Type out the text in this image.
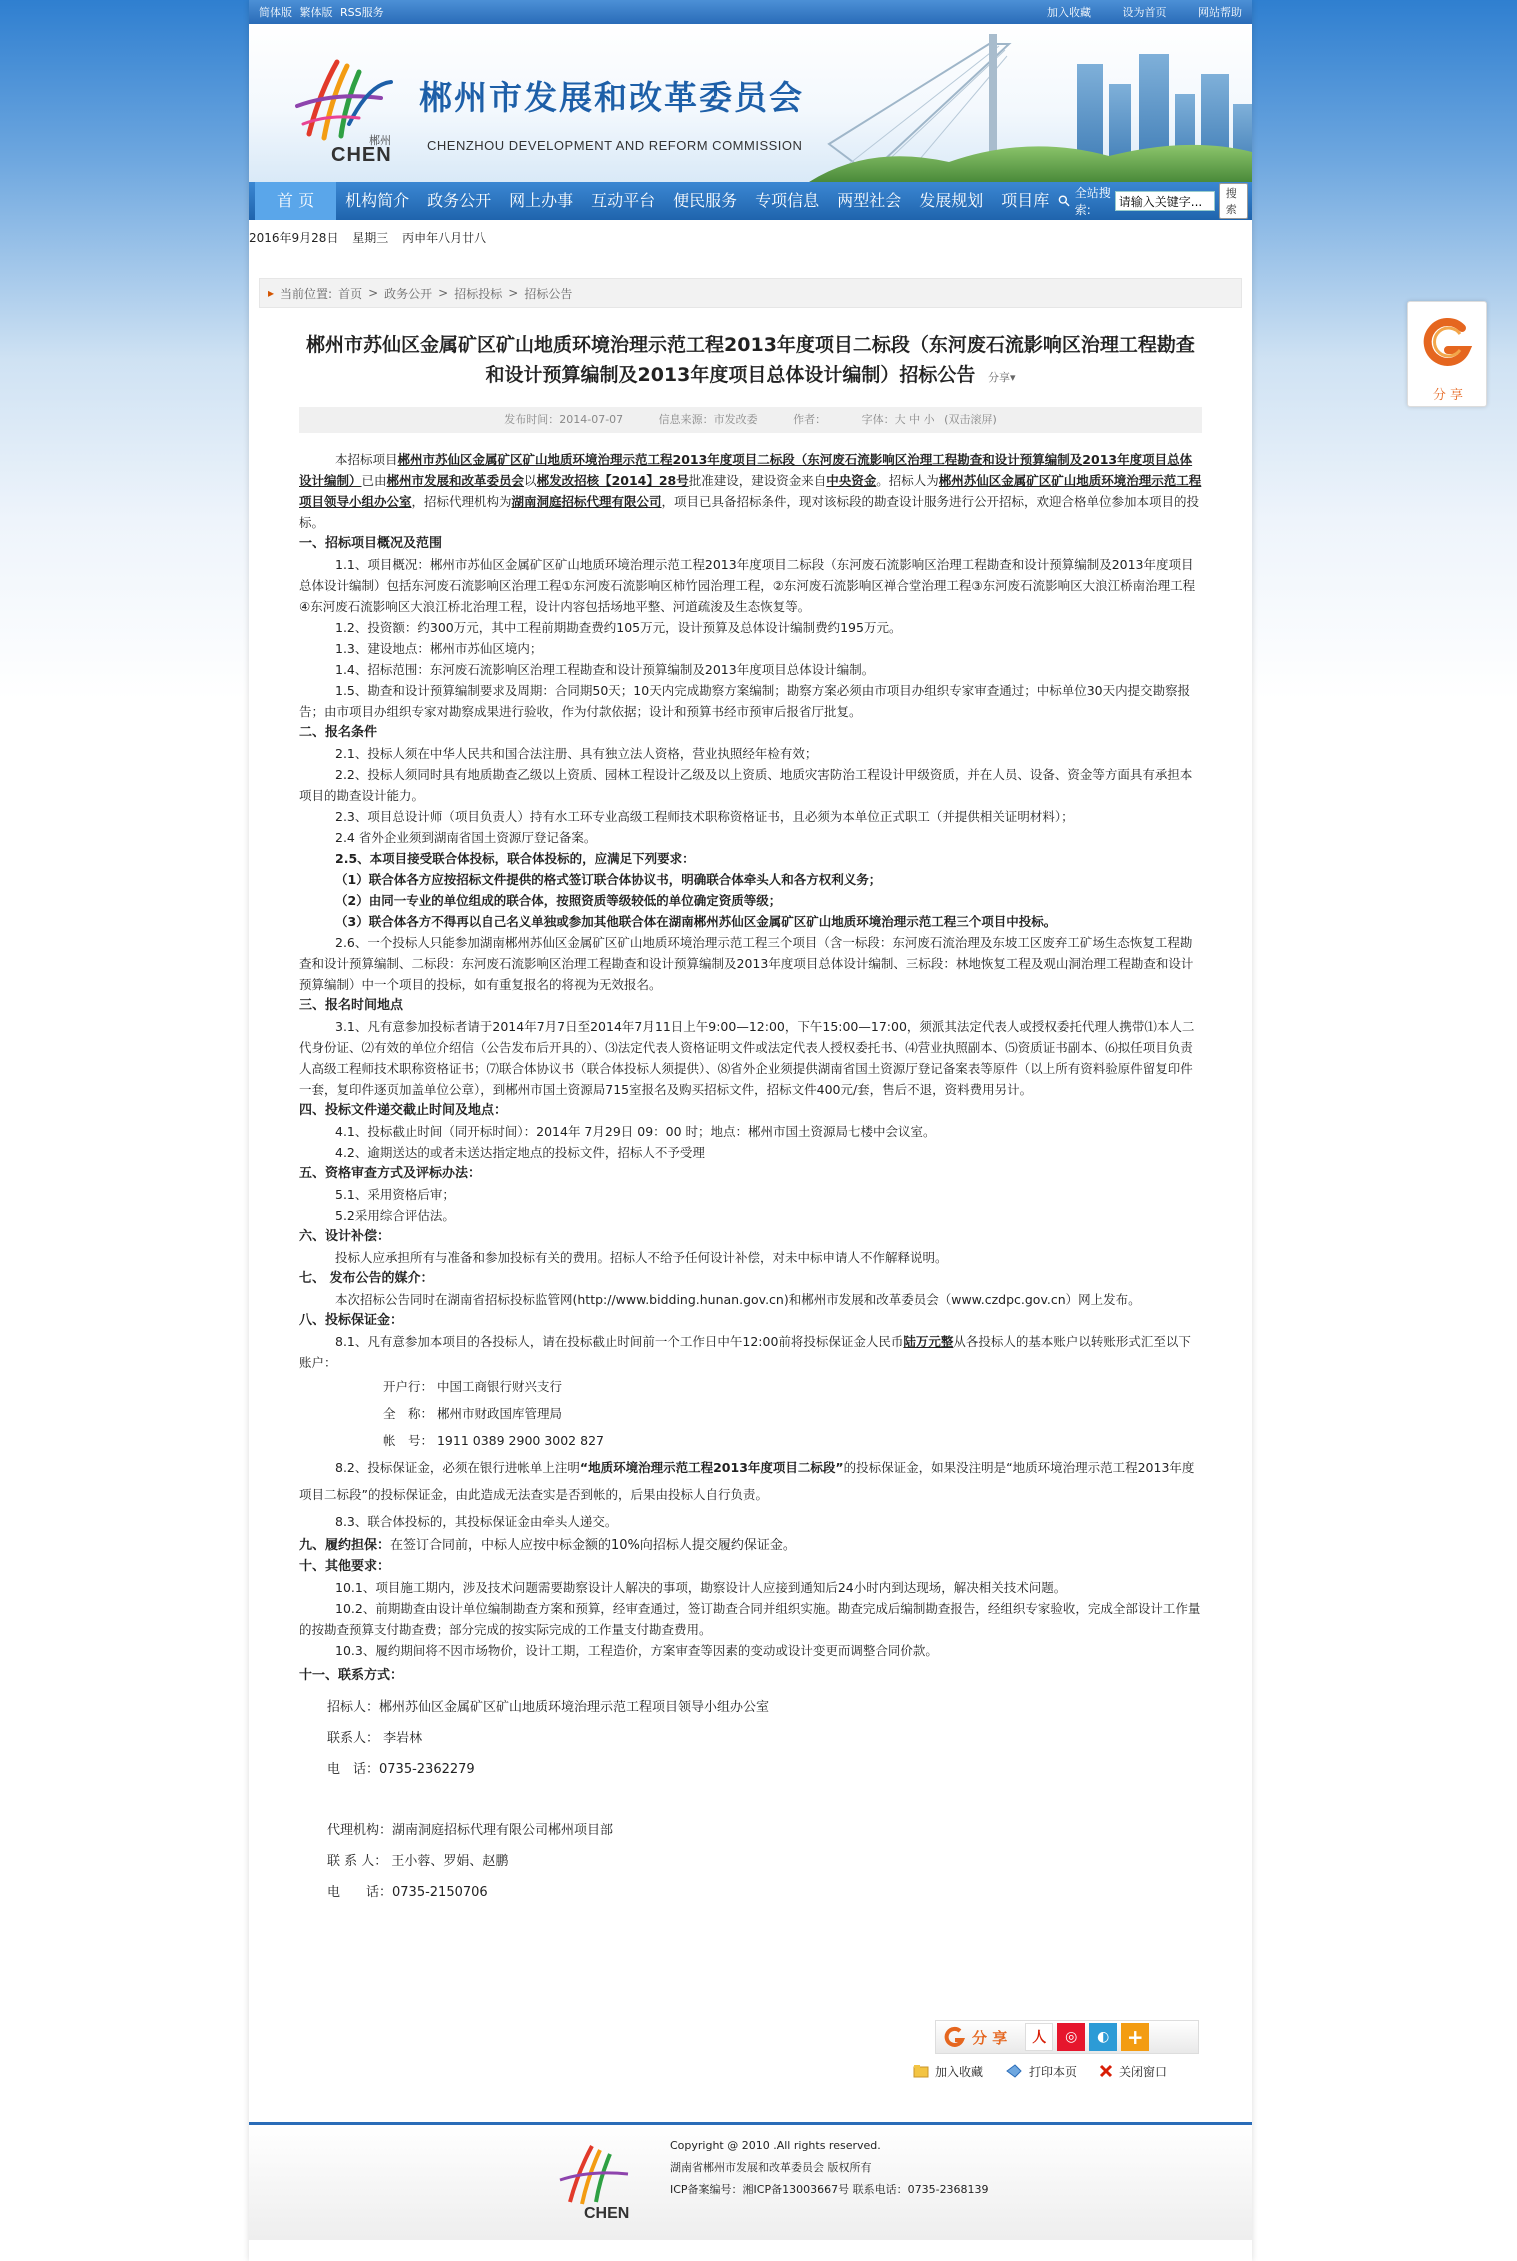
简体版 繁体版 RSS服务	加入收藏	设为首页	网站帮助
郴州
CHEN
郴州市发展和改革委员会
CHENZHOU DEVELOPMENT AND REFORM COMMISSION
首 页	机构简介	政务公开	网上办事	互动平台	便民服务	专项信息	两型社会	发展规划	项目库	全站搜索:
请输入关键字...
搜索
2016年9月28日 星期三 丙申年八月廿八
▸ 当前位置: 首页 > 政务公开 > 招标投标 > 招标公告
郴州市苏仙区金属矿区矿山地质环境治理示范工程2013年度项目二标段（东河废石流影响区治理工程勘查和设计预算编制及2013年度项目总体设计编制）招标公告 分享▾
发布时间：2014-07-07	信息来源：市发改委	作者：	字体：大 中 小 (双击滚屏)

本招标项目郴州市苏仙区金属矿区矿山地质环境治理示范工程2013年度项目二标段（东河废石流影响区治理工程勘查和设计预算编制及2013年度项目总体设计编制）已由郴州市发展和改革委员会以郴发改招核【2014】28号批准建设，建设资金来自中央资金。招标人为郴州苏仙区金属矿区矿山地质环境治理示范工程项目领导小组办公室，招标代理机构为湖南洞庭招标代理有限公司，项目已具备招标条件，现对该标段的勘查设计服务进行公开招标，欢迎合格单位参加本项目的投标。

一、招标项目概况及范围

1.1、项目概况：郴州市苏仙区金属矿区矿山地质环境治理示范工程2013年度项目二标段（东河废石流影响区治理工程勘查和设计预算编制及2013年度项目总体设计编制）包括东河废石流影响区治理工程①东河废石流影响区柿竹园治理工程，②东河废石流影响区禅合堂治理工程③东河废石流影响区大浪江桥南治理工程④东河废石流影响区大浪江桥北治理工程，设计内容包括场地平整、河道疏浚及生态恢复等。

1.2、投资额：约300万元，其中工程前期勘查费约105万元，设计预算及总体设计编制费约195万元。

1.3、建设地点：郴州市苏仙区境内；

1.4、招标范围：东河废石流影响区治理工程勘查和设计预算编制及2013年度项目总体设计编制。

1.5、勘查和设计预算编制要求及周期：合同期50天；10天内完成勘察方案编制；勘察方案必须由市项目办组织专家审查通过；中标单位30天内提交勘察报告；由市项目办组织专家对勘察成果进行验收，作为付款依据；设计和预算书经市预审后报省厅批复。

二、报名条件

2.1、投标人须在中华人民共和国合法注册、具有独立法人资格，营业执照经年检有效；

2.2、投标人须同时具有地质勘查乙级以上资质、园林工程设计乙级及以上资质、地质灾害防治工程设计甲级资质，并在人员、设备、资金等方面具有承担本项目的勘查设计能力。

2.3、项目总设计师（项目负责人）持有水工环专业高级工程师技术职称资格证书，且必须为本单位正式职工（并提供相关证明材料）；

2.4 省外企业须到湖南省国土资源厅登记备案。

2.5、本项目接受联合体投标，联合体投标的，应满足下列要求：

（1）联合体各方应按招标文件提供的格式签订联合体协议书，明确联合体牵头人和各方权利义务；

（2）由同一专业的单位组成的联合体，按照资质等级较低的单位确定资质等级；

（3）联合体各方不得再以自己名义单独或参加其他联合体在湖南郴州苏仙区金属矿区矿山地质环境治理示范工程三个项目中投标。

2.6、一个投标人只能参加湖南郴州苏仙区金属矿区矿山地质环境治理示范工程三个项目（含一标段：东河废石流治理及东坡工区废弃工矿场生态恢复工程勘查和设计预算编制、二标段：东河废石流影响区治理工程勘查和设计预算编制及2013年度项目总体设计编制、三标段：林地恢复工程及观山洞治理工程勘查和设计预算编制）中一个项目的投标，如有重复报名的将视为无效报名。

三、报名时间地点

3.1、凡有意参加投标者请于2014年7月7日至2014年7月11日上午9:00—12:00，下午15:00—17:00，须派其法定代表人或授权委托代理人携带⑴本人二代身份证、⑵有效的单位介绍信（公告发布后开具的）、⑶法定代表人资格证明文件或法定代表人授权委托书、⑷营业执照副本、⑸资质证书副本、⑹拟任项目负责人高级工程师技术职称资格证书；⑺联合体协议书（联合体投标人须提供）、⑻省外企业须提供湖南省国土资源厅登记备案表等原件（以上所有资料验原件留复印件一套，复印件逐页加盖单位公章），到郴州市国土资源局715室报名及购买招标文件，招标文件400元/套，售后不退，资料费用另计。

四、投标文件递交截止时间及地点：

4.1、投标截止时间（同开标时间）：2014年 7月29日 09：00 时；地点：郴州市国土资源局七楼中会议室。

4.2、逾期送达的或者未送达指定地点的投标文件，招标人不予受理

五、资格审查方式及评标办法：

5.1、采用资格后审；

5.2采用综合评估法。

六、设计补偿：

投标人应承担所有与准备和参加投标有关的费用。招标人不给予任何设计补偿，对未中标申请人不作解释说明。

七、 发布公告的媒介：

本次招标公告同时在湖南省招标投标监管网(http://www.bidding.hunan.gov.cn)和郴州市发展和改革委员会（www.czdpc.gov.cn）网上发布。

八、投标保证金：

8.1、凡有意参加本项目的各投标人，请在投标截止时间前一个工作日中午12:00前将投标保证金人民币陆万元整从各投标人的基本账户以转账形式汇至以下账户：

开户行： 中国工商银行财兴支行

全　称： 郴州市财政国库管理局

帐　号： 1911 0389 2900 3002 827

8.2、投标保证金，必须在银行进帐单上注明“地质环境治理示范工程2013年度项目二标段”的投标保证金，如果没注明是“地质环境治理示范工程2013年度项目二标段”的投标保证金，由此造成无法查实是否到帐的，后果由投标人自行负责。

8.3、联合体投标的，其投标保证金由牵头人递交。

九、履约担保：在签订合同前，中标人应按中标金额的10%向招标人提交履约保证金。

十、其他要求：

10.1、项目施工期内，涉及技术问题需要勘察设计人解决的事项，勘察设计人应接到通知后24小时内到达现场，解决相关技术问题。

10.2、前期勘查由设计单位编制勘查方案和预算，经审查通过，签订勘查合同并组织实施。勘查完成后编制勘查报告，经组织专家验收，完成全部设计工作量的按勘查预算支付勘查费；部分完成的按实际完成的工作量支付勘查费用。

10.3、履约期间将不因市场物价，设计工期，工程造价，方案审查等因素的变动或设计变更而调整合同价款。

十一、联系方式：

招标人：郴州苏仙区金属矿区矿山地质环境治理示范工程项目领导小组办公室

联系人： 李岩林

电　话：0735-2362279

代理机构：湖南洞庭招标代理有限公司郴州项目部

联 系 人： 王小蓉、罗娟、赵鹏

电　　话：0735-2150706

分 享	人	◎	◐ +
加入收藏	打印本页	关闭窗口
CHEN
Copyright @ 2010 .All rights reserved.
湖南省郴州市发展和改革委员会 版权所有
ICP备案编号：湘ICP备13003667号 联系电话：0735-2368139
分 享
